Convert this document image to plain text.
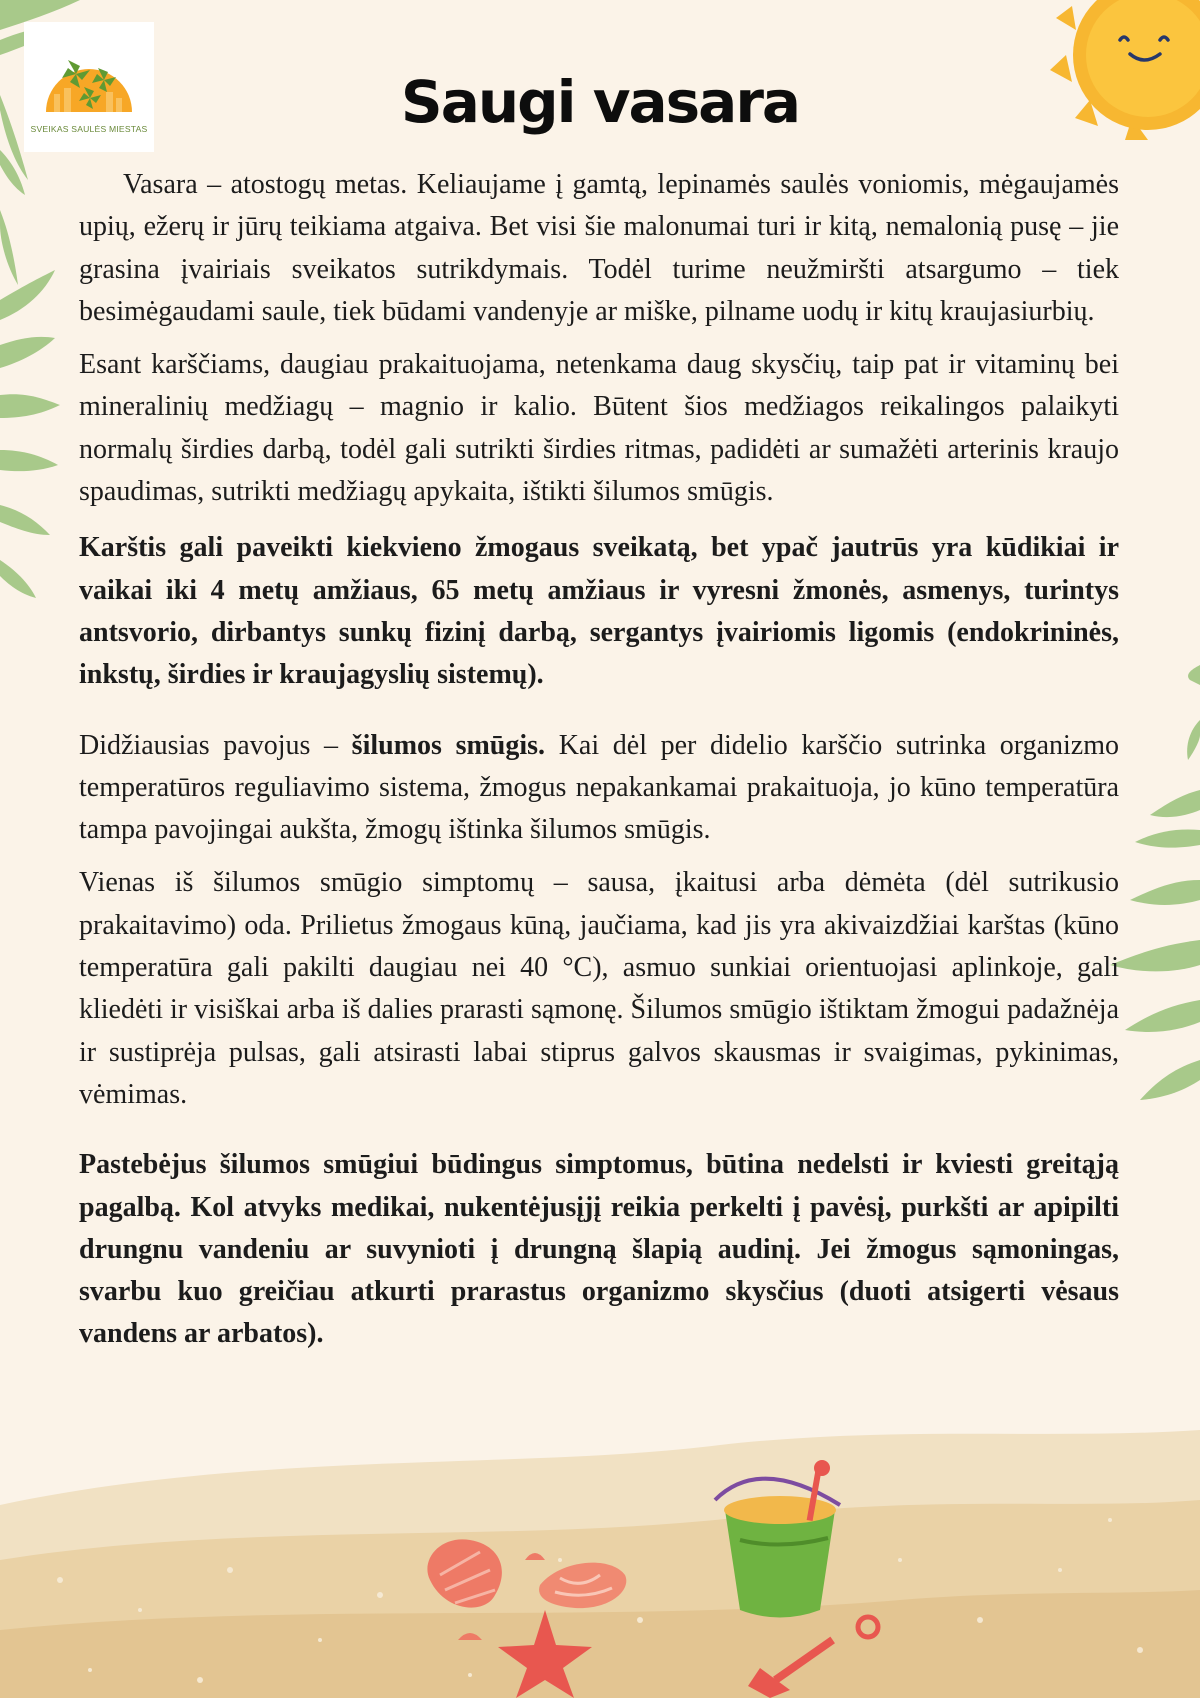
SVEIKAS SAULĖS MIESTAS	Saugi vasara

Vasara – atostogų metas. Keliaujame į gamtą, lepinamės saulės voniomis, mėgaujamės upių, ežerų ir jūrų teikiama atgaiva. Bet visi šie malonumai turi ir kitą, nemalonią pusę – jie grasina įvairiais sveikatos sutrikdymais. Todėl turime neužmiršti atsargumo – tiek besimėgaudami saule, tiek būdami vandenyje ar miške, pilname uodų ir kitų kraujasiurbių.

Esant karščiams, daugiau prakaituojama, netenkama daug skysčių, taip pat ir vitaminų bei mineralinių medžiagų – magnio ir kalio. Būtent šios medžiagos reikalingos palaikyti normalų širdies darbą, todėl gali sutrikti širdies ritmas, padidėti ar sumažėti arterinis kraujo spaudimas, sutrikti medžiagų apykaita, ištikti šilumos smūgis.

Karštis gali paveikti kiekvieno žmogaus sveikatą, bet ypač jautrūs yra kūdikiai ir vaikai iki 4 metų amžiaus, 65 metų amžiaus ir vyresni žmonės, asmenys, turintys antsvorio, dirbantys sunkų fizinį darbą, sergantys įvairiomis ligomis (endokrininės, inkstų, širdies ir kraujagyslių sistemų).

Didžiausias pavojus – šilumos smūgis. Kai dėl per didelio karščio sutrinka organizmo temperatūros reguliavimo sistema, žmogus nepakankamai prakaituoja, jo kūno temperatūra tampa pavojingai aukšta, žmogų ištinka šilumos smūgis.

Vienas iš šilumos smūgio simptomų – sausa, įkaitusi arba dėmėta (dėl sutrikusio prakaitavimo) oda. Prilietus žmogaus kūną, jaučiama, kad jis yra akivaizdžiai karštas (kūno temperatūra gali pakilti daugiau nei 40 °C), asmuo sunkiai orientuojasi aplinkoje, gali kliedėti ir visiškai arba iš dalies prarasti sąmonę. Šilumos smūgio ištiktam žmogui padažnėja ir sustiprėja pulsas, gali atsirasti labai stiprus galvos skausmas ir svaigimas, pykinimas, vėmimas.

Pastebėjus šilumos smūgiui būdingus simptomus, būtina nedelsti ir kviesti greitąją pagalbą. Kol atvyks medikai, nukentėjusįjį reikia perkelti į pavėsį, purkšti ar apipilti drungnu vandeniu ar suvynioti į drungną šlapią audinį. Jei žmogus sąmoningas, svarbu kuo greičiau atkurti prarastus organizmo skysčius (duoti atsigerti vėsaus vandens ar arbatos).
